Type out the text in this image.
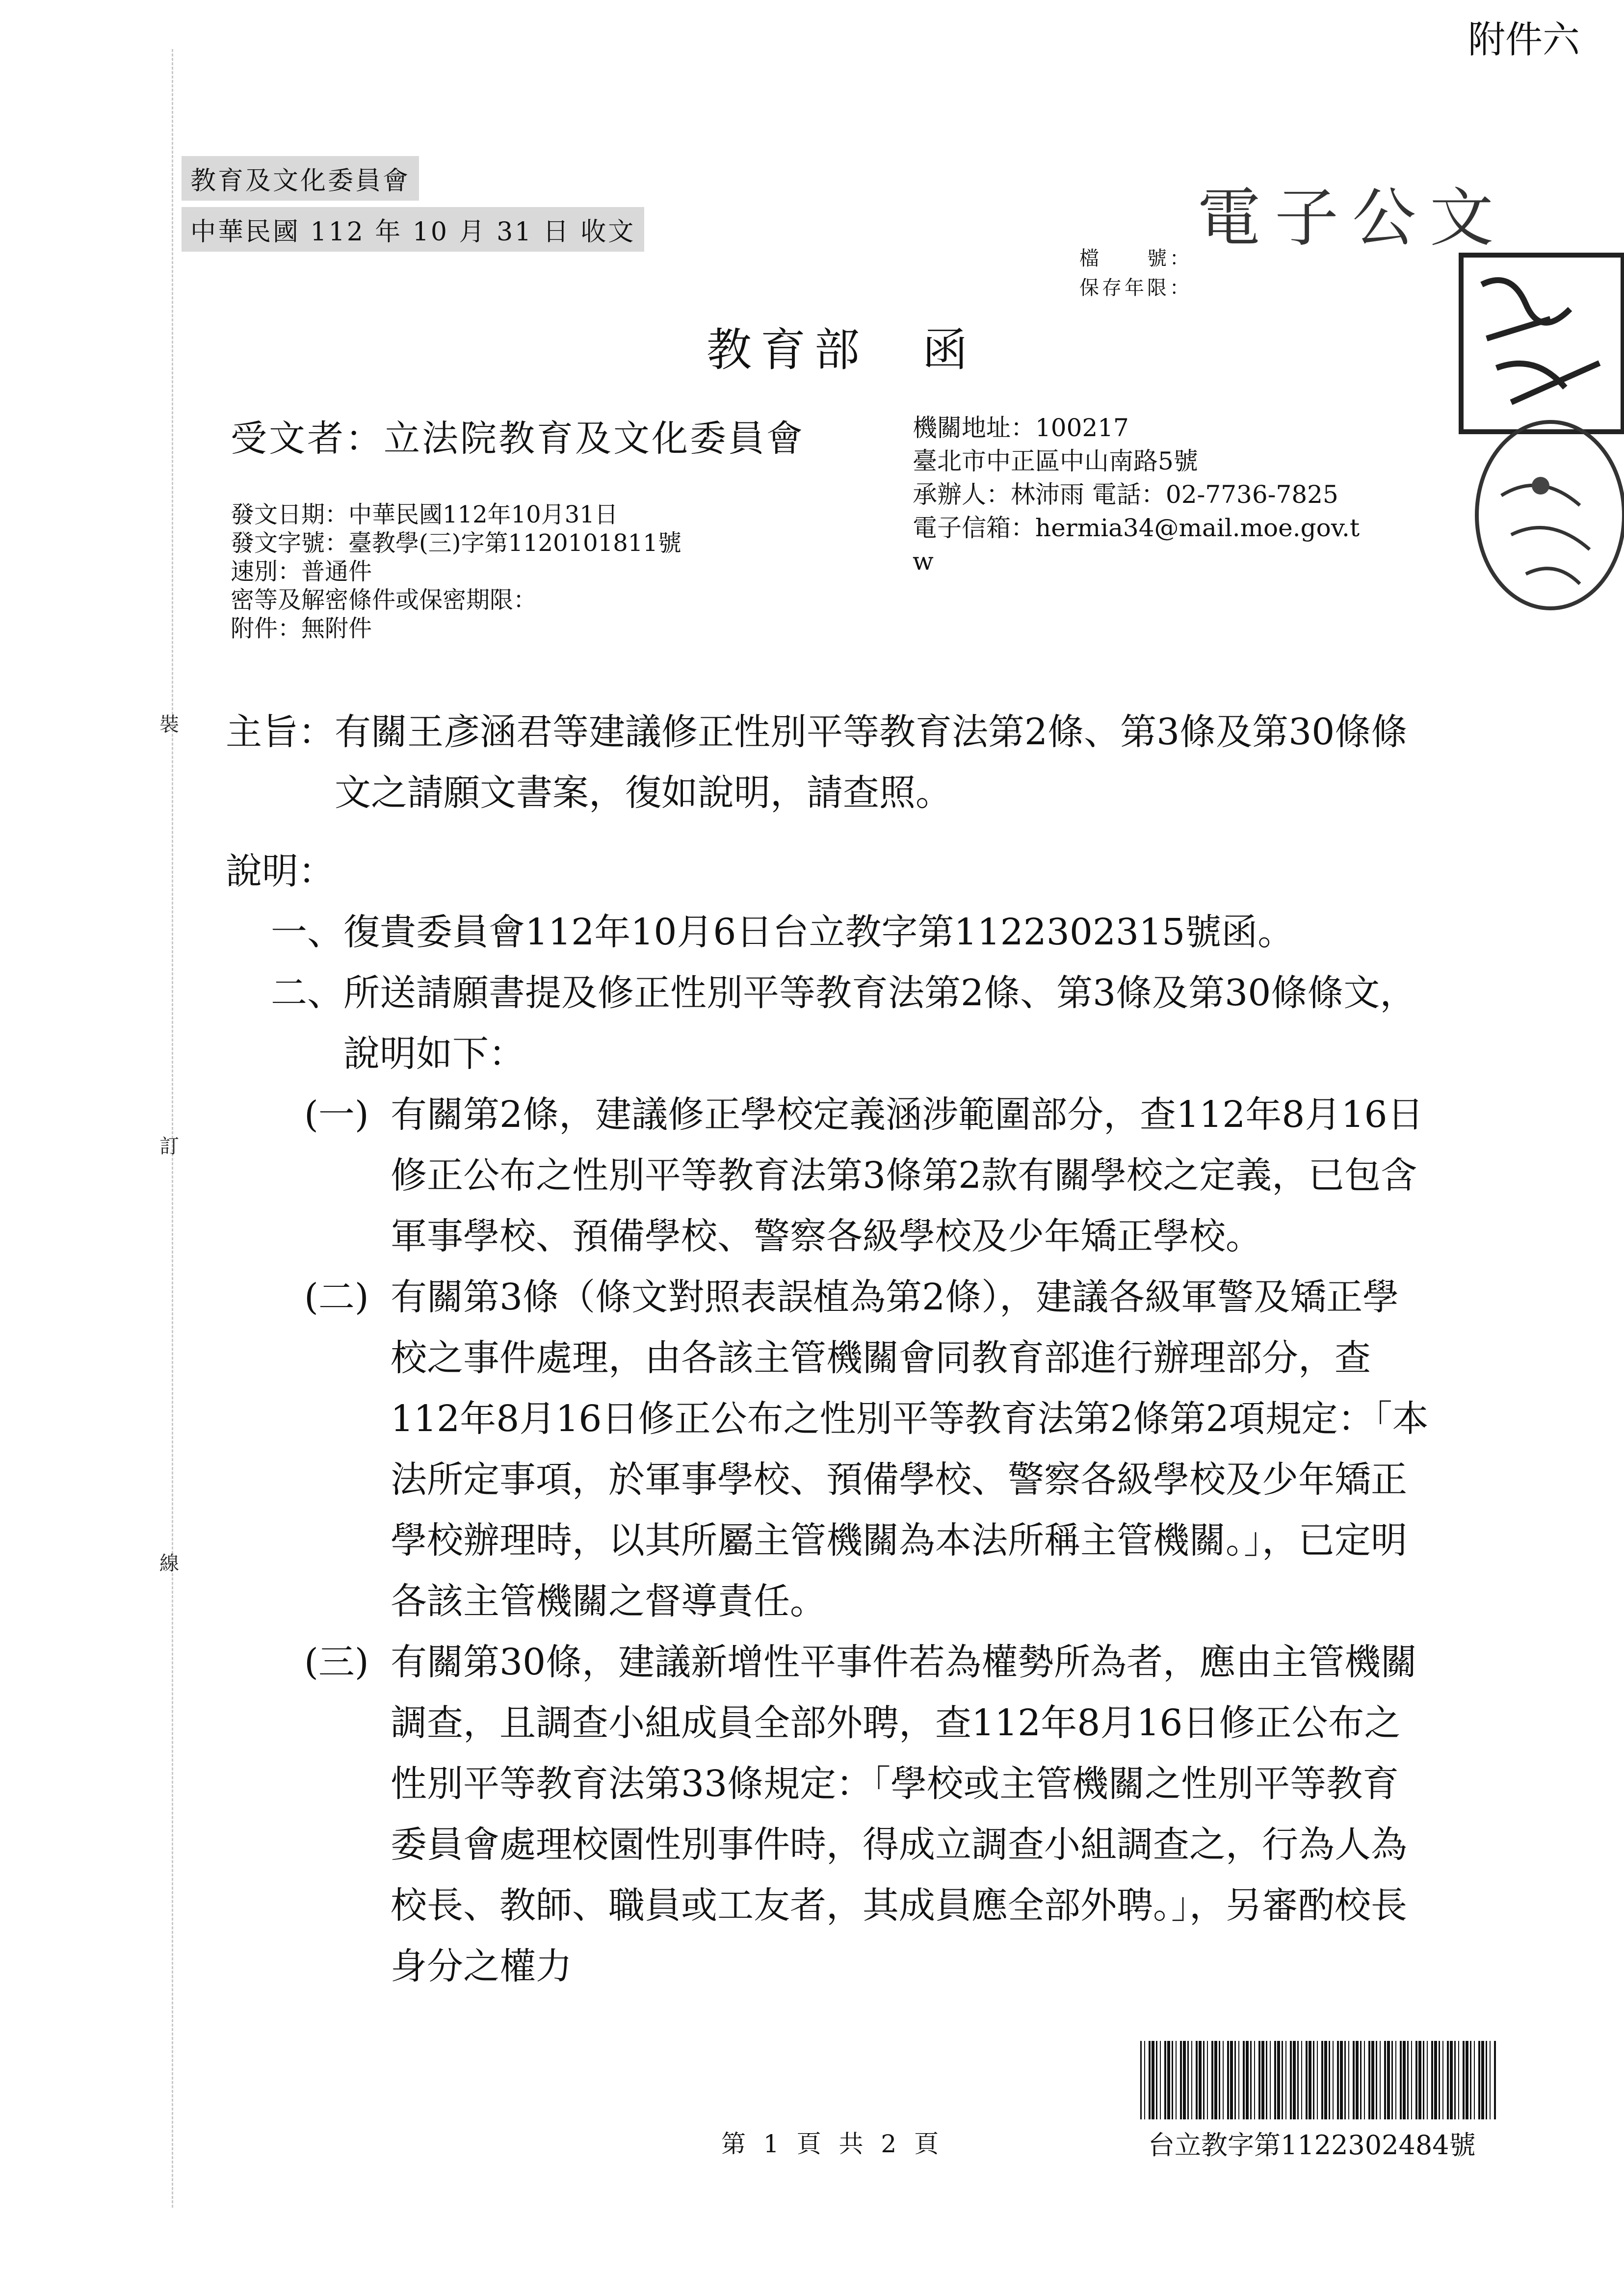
附件六
教育及文化委員會
中華民國 112 年 10 月 31 日 收文	電子公文
檔　　號：
保存年限：
教育部　函
受文者：立法院教育及文化委員會	機關地址：100217
臺北市中正區中山南路5號
承辦人：林沛雨 電話：02-7736-7825
電子信箱：hermia34@mail.moe.gov.t
w
發文日期：中華民國112年10月31日
發文字號：臺教學(三)字第1120101811號
速別：普通件
密等及解密條件或保密期限：
附件：無附件
裝
訂
線
主旨： 有關王彥涵君等建議修正性別平等教育法第2條、第3條及第30條條文之請願文書案，復如說明，請查照。
說明：
一、 復貴委員會112年10月6日台立教字第1122302315號函。
二、 所送請願書提及修正性別平等教育法第2條、第3條及第30條條文，說明如下：
(一) 有關第2條，建議修正學校定義涵涉範圍部分，查112年8月16日修正公布之性別平等教育法第3條第2款有關學校之定義，已包含軍事學校、預備學校、警察各級學校及少年矯正學校。
(二) 有關第3條（條文對照表誤植為第2條），建議各級軍警及矯正學校之事件處理，由各該主管機關會同教育部進行辦理部分，查112年8月16日修正公布之性別平等教育法第2條第2項規定：「本法所定事項，於軍事學校、預備學校、警察各級學校及少年矯正學校辦理時，以其所屬主管機關為本法所稱主管機關。」，已定明各該主管機關之督導責任。
(三) 有關第30條，建議新增性平事件若為權勢所為者，應由主管機關調查，且調查小組成員全部外聘，查112年8月16日修正公布之性別平等教育法第33條規定：「學校或主管機關之性別平等教育委員會處理校園性別事件時，得成立調查小組調查之，行為人為校長、教師、職員或工友者，其成員應全部外聘。」，另審酌校長身分之權力
第 1 頁 共 2 頁	台立教字第1122302484號
